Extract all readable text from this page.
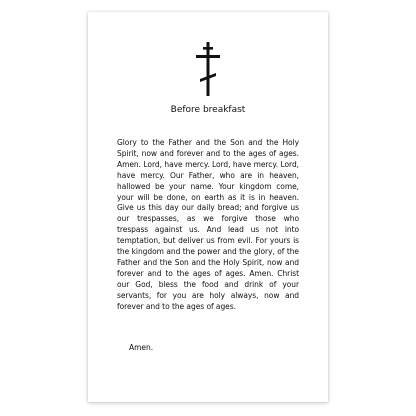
Before breakfast

Glory to the Father and the Son and the Holy Spirit, now and forever and to the ages of ages. Amen. Lord, have mercy. Lord, have mercy. Lord, have mercy. Our Father, who are in heaven, hallowed be your name. Your kingdom come, your will be done, on earth as it is in heaven. Give us this day our daily bread; and forgive us our trespasses, as we forgive those who trespass against us. And lead us not into temptation, but deliver us from evil. For yours is the kingdom and the power and the glory, of the Father and the Son and the Holy Spirit, now and forever and to the ages of ages. Amen. Christ our God, bless the food and drink of your servants, for you are holy always, now and forever and to the ages of ages.

Amen.
